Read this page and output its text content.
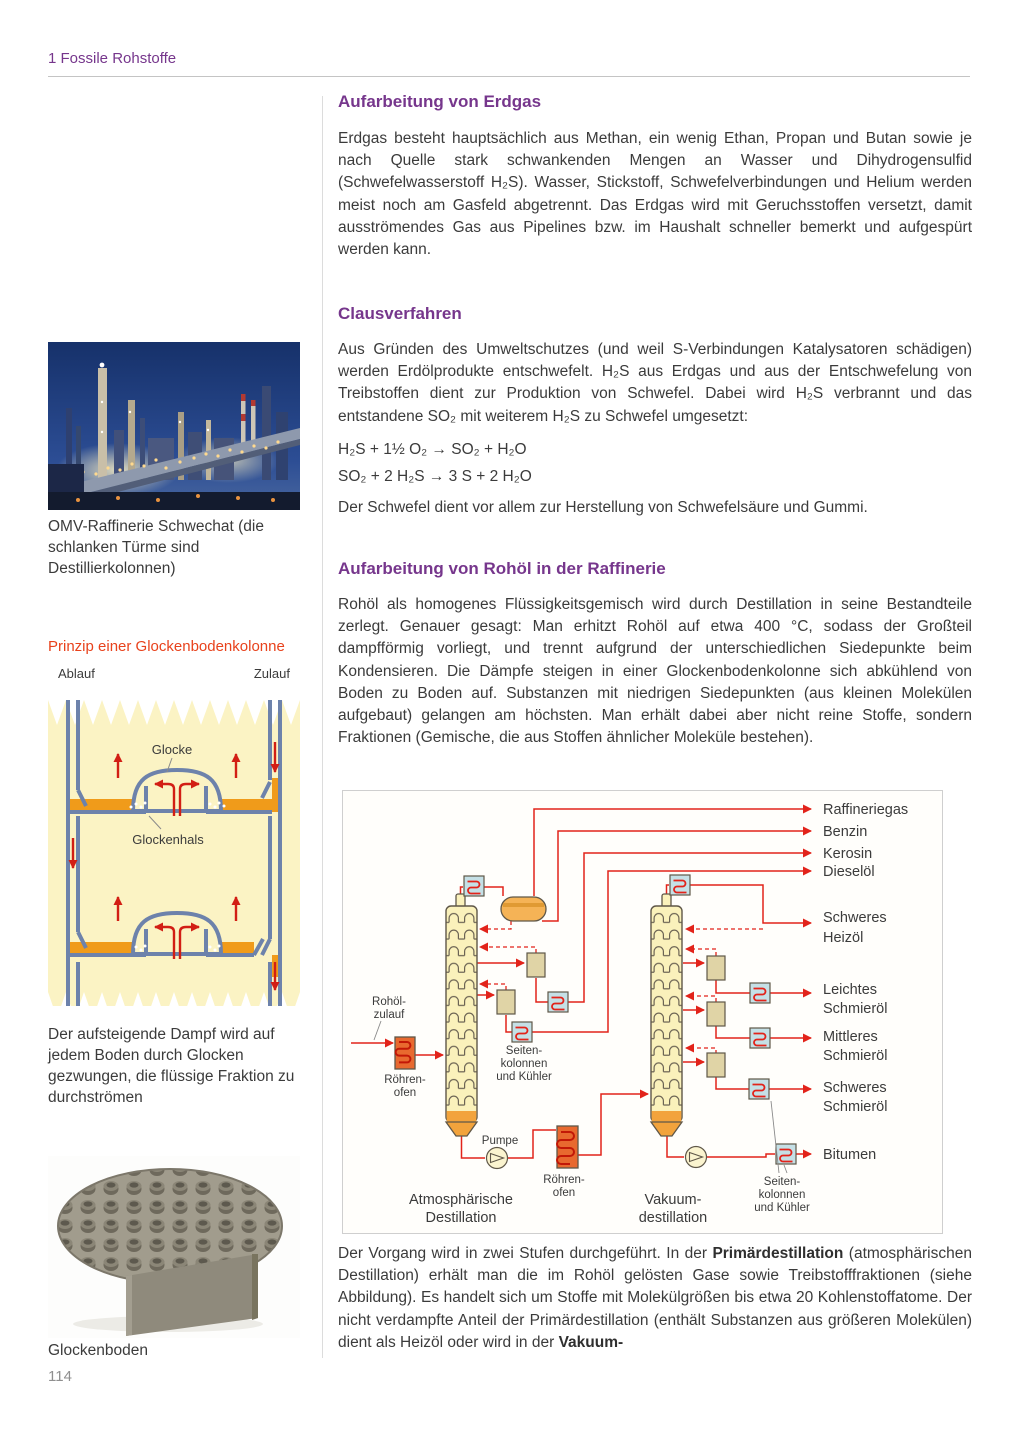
1 Fossile Rohstoffe
OMV-Raffinerie Schwechat (die schlanken Türme sind Destillierkolonnen)
Prinzip einer Glockenbodenkolonne
Ablauf	Zulauf
Glocke
Glockenhals
Der aufsteigende Dampf wird auf jedem Boden durch Glocken gezwungen, die flüssige Fraktion zu durchströmen
Glockenboden
114
Aufarbeitung von Erdgas

Erdgas besteht hauptsächlich aus Methan, ein wenig Ethan, Propan und Butan sowie je nach Quelle stark schwankenden Mengen an Wasser und Dihydrogensulfid (Schwefelwasserstoff H₂S). Wasser, Stickstoff, Schwefelverbindungen und Helium werden meist noch am Gasfeld abgetrennt. Das Erdgas wird mit Geruchsstoffen versetzt, damit ausströmendes Gas aus Pipelines bzw. im Haushalt schneller bemerkt und aufgespürt werden kann.

Clausverfahren

Aus Gründen des Umweltschutzes (und weil S-Verbindungen Katalysatoren schädigen) werden Erdölprodukte entschwefelt. H₂S aus Erdgas und aus der Entschwefelung von Treibstoffen dient zur Produktion von Schwefel. Dabei wird H₂S verbrannt und das entstandene SO₂ mit weiterem H₂S zu Schwefel umgesetzt:

H₂S + 1½ O₂ → SO₂ + H₂O
SO₂ + 2 H₂S → 3 S + 2 H₂O

Der Schwefel dient vor allem zur Herstellung von Schwefelsäure und Gummi.

Aufarbeitung von Rohöl in der Raffinerie

Rohöl als homogenes Flüssigkeitsgemisch wird durch Destillation in seine Bestandteile zerlegt. Genauer gesagt: Man erhitzt Rohöl auf etwa 400 °C, sodass der Großteil dampfförmig vorliegt, und trennt aufgrund der unterschiedlichen Siedepunkte beim Kondensieren. Die Dämpfe steigen in einer Glockenbodenkolonne sich abkühlend von Boden zu Boden auf. Substanzen mit niedrigen Siedepunkten (aus kleinen Molekülen aufgebaut) gelangen am höchsten. Man erhält dabei aber nicht reine Stoffe, sondern Fraktionen (Gemische, die aus Stoffen ähnlicher Moleküle bestehen).

Raffineriegas
Benzin
Kerosin
Dieselöl
Schweres
Heizöl
Leichtes
Schmieröl
Mittleres
Schmieröl
Schweres
Schmieröl
Bitumen
Rohöl-
zulauf
Röhren-
ofen
Pumpe
Röhren-
ofen
Seiten-
kolonnen
und Kühler
Seiten-
kolonnen
und Kühler
Atmosphärische
Destillation
Vakuum-
destillation

Der Vorgang wird in zwei Stufen durchgeführt. In der Primärdestillation (atmosphärischen Destillation) erhält man die im Rohöl gelösten Gase sowie Treibstofffraktionen (siehe Abbildung). Es handelt sich um Stoffe mit Molekülgrößen bis etwa 20 Kohlenstoffatome. Der nicht verdampfte Anteil der Primärdestillation (enthält Substanzen aus größeren Molekülen) dient als Heizöl oder wird in der Vakuum-
